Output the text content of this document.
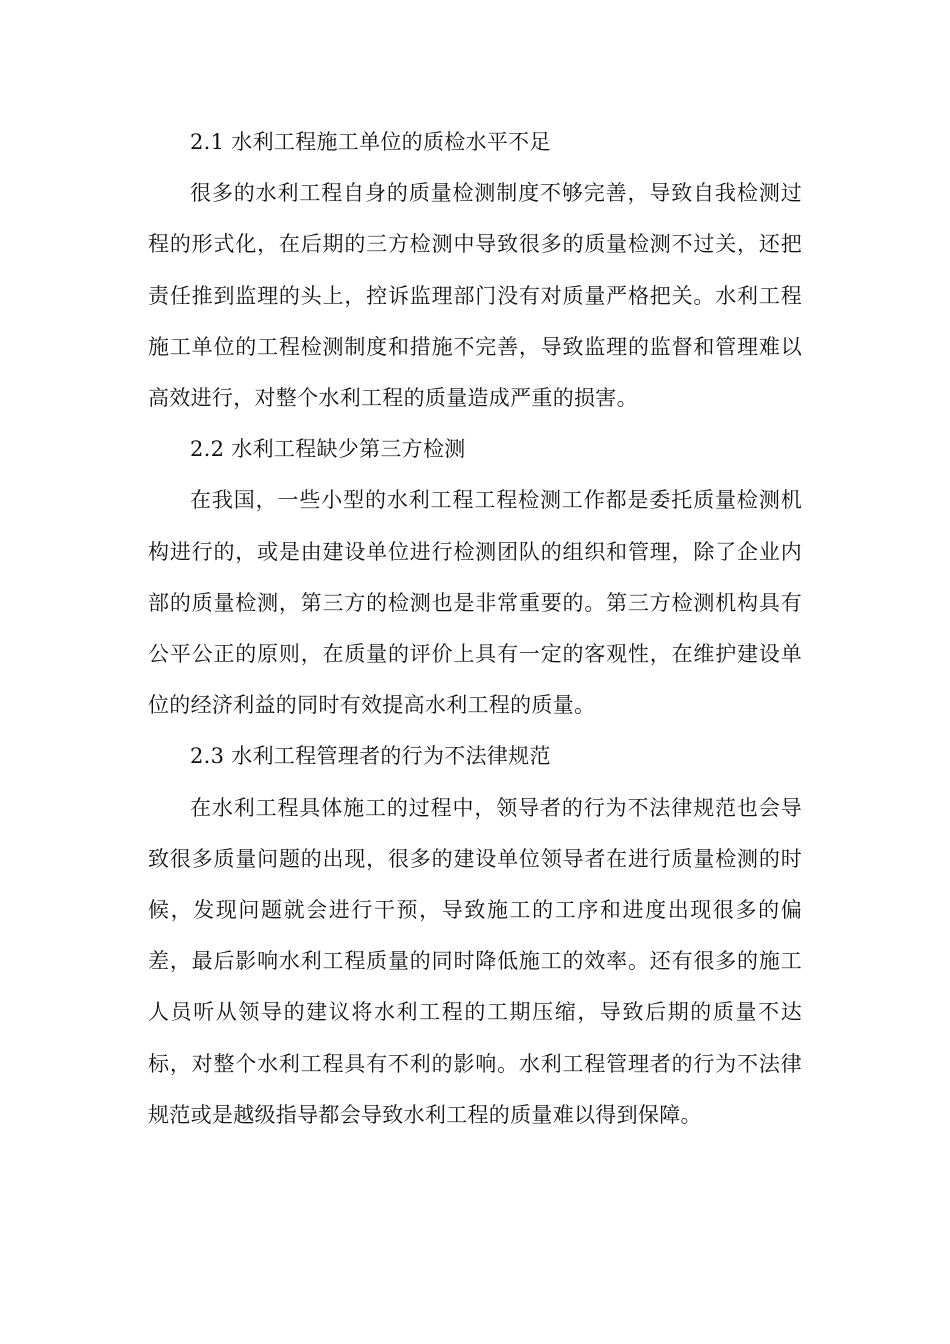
2.1 水利工程施工单位的质检水平不足

很多的水利工程自身的质量检测制度不够完善，导致自我检测过程的形式化，在后期的三方检测中导致很多的质量检测不过关，还把责任推到监理的头上，控诉监理部门没有对质量严格把关。水利工程施工单位的工程检测制度和措施不完善，导致监理的监督和管理难以高效进行，对整个水利工程的质量造成严重的损害。

2.2 水利工程缺少第三方检测

在我国，一些小型的水利工程工程检测工作都是委托质量检测机构进行的，或是由建设单位进行检测团队的组织和管理，除了企业内部的质量检测，第三方的检测也是非常重要的。第三方检测机构具有公平公正的原则，在质量的评价上具有一定的客观性，在维护建设单位的经济利益的同时有效提高水利工程的质量。

2.3 水利工程管理者的行为不法律规范

在水利工程具体施工的过程中，领导者的行为不法律规范也会导致很多质量问题的出现，很多的建设单位领导者在进行质量检测的时候，发现问题就会进行干预，导致施工的工序和进度出现很多的偏差，最后影响水利工程质量的同时降低施工的效率。还有很多的施工人员听从领导的建议将水利工程的工期压缩，导致后期的质量不达标，对整个水利工程具有不利的影响。水利工程管理者的行为不法律规范或是越级指导都会导致水利工程的质量难以得到保障。
